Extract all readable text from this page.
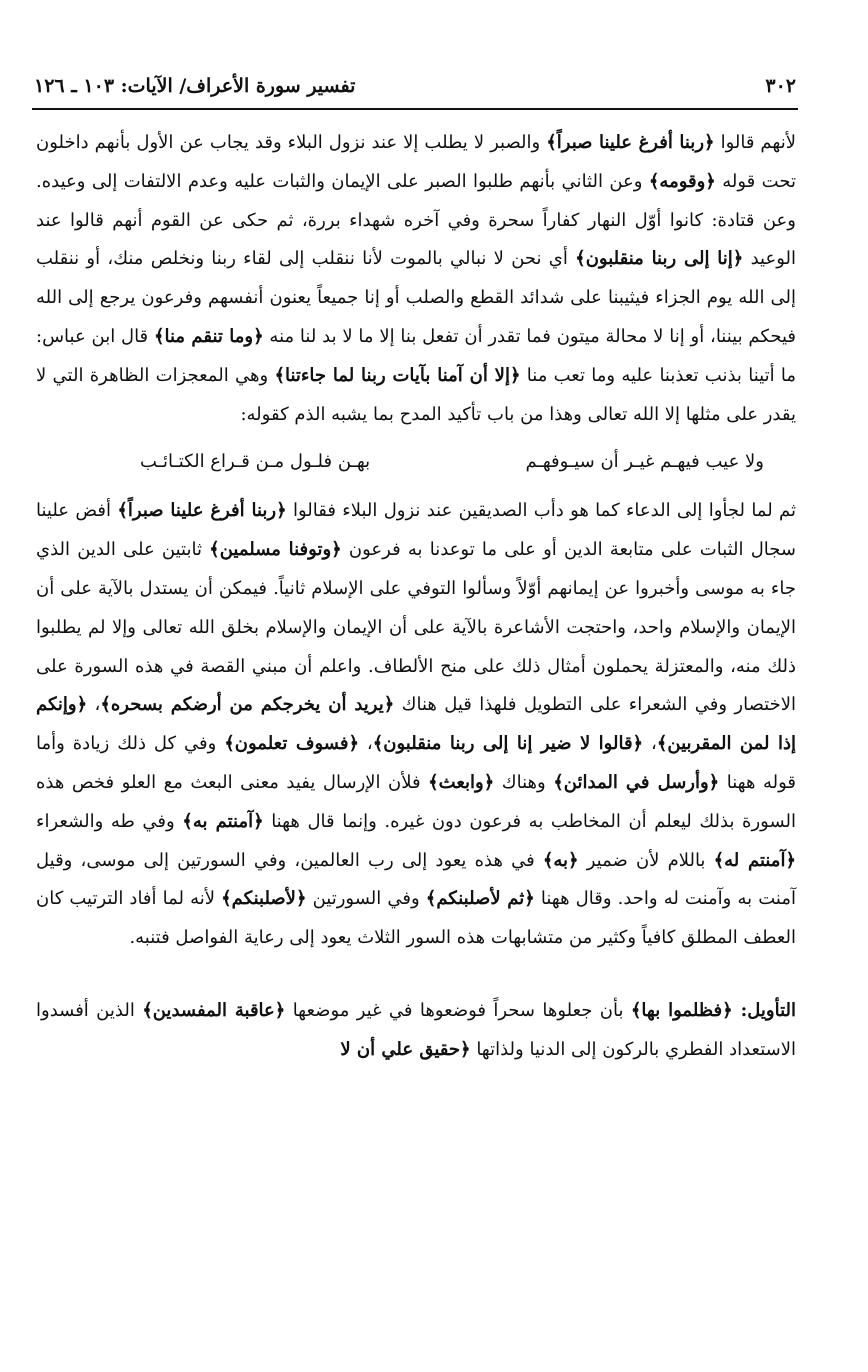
٣٠٢
تفسير سورة الأعراف/ الآيات: ١٠٣ ـ ١٢٦

لأنهم قالوا ﴿ربنا أفرغ علينا صبراً﴾ والصبر لا يطلب إلا عند نزول البلاء وقد يجاب عن الأول بأنهم داخلون تحت قوله ﴿وقومه﴾ وعن الثاني بأنهم طلبوا الصبر على الإيمان والثبات عليه وعدم الالتفات إلى وعيده. وعن قتادة: كانوا أوّل النهار كفاراً سحرة وفي آخره شهداء بررة، ثم حكى عن القوم أنهم قالوا عند الوعيد ﴿إنا إلى ربنا منقلبون﴾ أي نحن لا نبالي بالموت لأنا ننقلب إلى لقاء ربنا ونخلص منك، أو ننقلب إلى الله يوم الجزاء فيثيبنا على شدائد القطع والصلب أو إنا جميعاً يعنون أنفسهم وفرعون يرجع إلى الله فيحكم بيننا، أو إنا لا محالة ميتون فما تقدر أن تفعل بنا إلا ما لا بد لنا منه ﴿وما تنقم منا﴾ قال ابن عباس: ما أتينا بذنب تعذبنا عليه وما تعب منا ﴿إلا أن آمنا بآيات ربنا لما جاءتنا﴾ وهي المعجزات الظاهرة التي لا يقدر على مثلها إلا الله تعالى وهذا من باب تأكيد المدح بما يشبه الذم كقوله:

ولا عيب فيهـم غيـر أن سيـوفهـم
بهـن فلـول مـن قـراع الكتـائـب

ثم لما لجأوا إلى الدعاء كما هو دأب الصديقين عند نزول البلاء فقالوا ﴿ربنا أفرغ علينا صبراً﴾ أفض علينا سجال الثبات على متابعة الدين أو على ما توعدنا به فرعون ﴿وتوفنا مسلمين﴾ ثابتين على الدين الذي جاء به موسى وأخبروا عن إيمانهم أوّلاً وسألوا التوفي على الإسلام ثانياً. فيمكن أن يستدل بالآية على أن الإيمان والإسلام واحد، واحتجت الأشاعرة بالآية على أن الإيمان والإسلام بخلق الله تعالى وإلا لم يطلبوا ذلك منه، والمعتزلة يحملون أمثال ذلك على منح الألطاف. واعلم أن مبني القصة في هذه السورة على الاختصار وفي الشعراء على التطويل فلهذا قيل هناك ﴿يريد أن يخرجكم من أرضكم بسحره﴾، ﴿وإنكم إذا لمن المقربين﴾، ﴿قالوا لا ضير إنا إلى ربنا منقلبون﴾، ﴿فسوف تعلمون﴾ وفي كل ذلك زيادة وأما قوله ههنا ﴿وأرسل في المدائن﴾ وهناك ﴿وابعث﴾ فلأن الإرسال يفيد معنى البعث مع العلو فخص هذه السورة بذلك ليعلم أن المخاطب به فرعون دون غيره. وإنما قال ههنا ﴿آمنتم به﴾ وفي طه والشعراء ﴿آمنتم له﴾ باللام لأن ضمير ﴿به﴾ في هذه يعود إلى رب العالمين، وفي السورتين إلى موسى، وقيل آمنت به وآمنت له واحد. وقال ههنا ﴿ثم لأصلبنكم﴾ وفي السورتين ﴿لأصلبنكم﴾ لأنه لما أفاد الترتيب كان العطف المطلق كافياً وكثير من متشابهات هذه السور الثلاث يعود إلى رعاية الفواصل فتنبه.

التأويل: ﴿فظلموا بها﴾ بأن جعلوها سحراً فوضعوها في غير موضعها ﴿عاقبة المفسدين﴾ الذين أفسدوا الاستعداد الفطري بالركون إلى الدنيا ولذاتها ﴿حقيق علي أن لا
